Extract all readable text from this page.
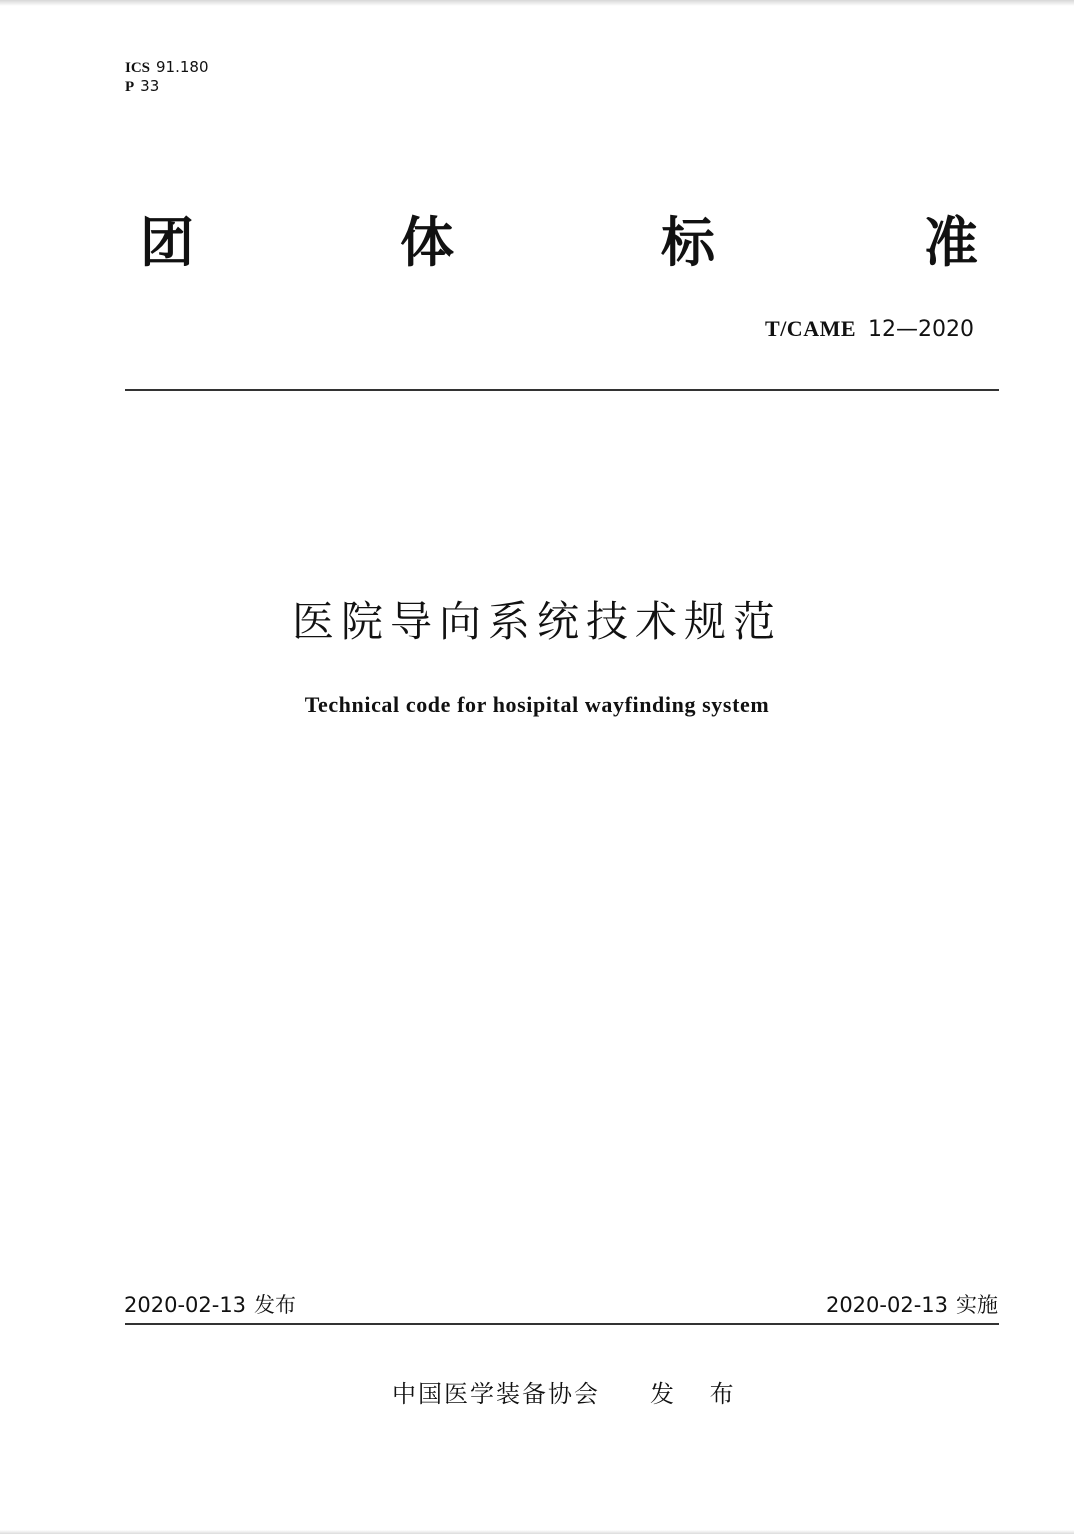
ICS 91.180
P 33
团	体	标	准
T/CAME 12—2020
医院导向系统技术规范
Technical code for hosipital wayfinding system
2020-02-13 发布	2020-02-13 实施
中国医学装备协会 发 布
